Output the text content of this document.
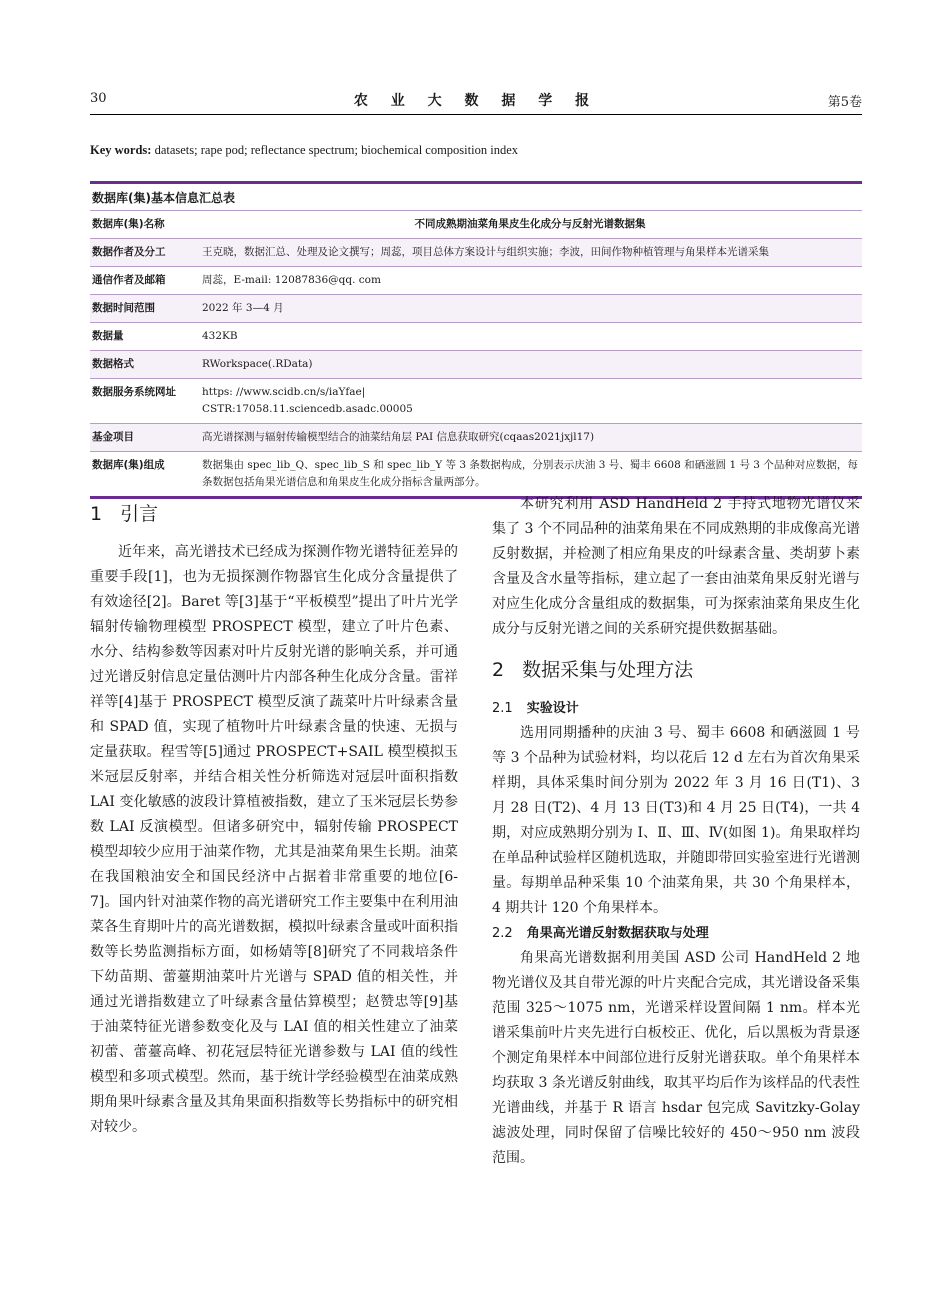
30	农 业 大 数 据 学 报	第5卷
Key words: datasets; rape pod; reflectance spectrum; biochemical composition index
数据库(集)基本信息汇总表
数据库(集)名称	不同成熟期油菜角果皮生化成分与反射光谱数据集
数据作者及分工	王克晓，数据汇总、处理及论文撰写；周蕊，项目总体方案设计与组织实施；李波，田间作物种植管理与角果样本光谱采集
通信作者及邮箱	周蕊，E-mail: 12087836@qq. com
数据时间范围	2022 年 3—4 月
数据量	432KB
数据格式	RWorkspace(.RData)
数据服务系统网址	https: //www.scidb.cn/s/iaYfae|
CSTR:17058.11.sciencedb.asadc.00005
基金项目	高光谱探测与辐射传输模型结合的油菜结角层 PAI 信息获取研究(cqaas2021jxjl17)
数据库(集)组成	数据集由 spec_lib_Q、spec_lib_S 和 spec_lib_Y 等 3 条数据构成，分别表示庆油 3 号、蜀丰 6608 和硒滋圆 1 号 3 个品种对应数据，每条数据包括角果光谱信息和角果皮生化成分指标含量两部分。
1 引言

近年来，高光谱技术已经成为探测作物光谱特征差异的重要手段[1]，也为无损探测作物器官生化成分含量提供了有效途径[2]。Baret 等[3]基于“平板模型”提出了叶片光学辐射传输物理模型 PROSPECT 模型，建立了叶片色素、水分、结构参数等因素对叶片反射光谱的影响关系，并可通过光谱反射信息定量估测叶片内部各种生化成分含量。雷祥祥等[4]基于 PROSPECT 模型反演了蔬菜叶片叶绿素含量和 SPAD 值，实现了植物叶片叶绿素含量的快速、无损与定量获取。程雪等[5]通过 PROSPECT+SAIL 模型模拟玉米冠层反射率，并结合相关性分析筛选对冠层叶面积指数 LAI 变化敏感的波段计算植被指数，建立了玉米冠层长势参数 LAI 反演模型。但诸多研究中，辐射传输 PROSPECT 模型却较少应用于油菜作物，尤其是油菜角果生长期。油菜在我国粮油安全和国民经济中占据着非常重要的地位[6-7]。国内针对油菜作物的高光谱研究工作主要集中在利用油菜各生育期叶片的高光谱数据，模拟叶绿素含量或叶面积指数等长势监测指标方面，如杨婧等[8]研究了不同栽培条件下幼苗期、蕾薹期油菜叶片光谱与 SPAD 值的相关性，并通过光谱指数建立了叶绿素含量估算模型；赵赞忠等[9]基于油菜特征光谱参数变化及与 LAI 值的相关性建立了油菜初蕾、蕾薹高峰、初花冠层特征光谱参数与 LAI 值的线性模型和多项式模型。然而，基于统计学经验模型在油菜成熟期角果叶绿素含量及其角果面积指数等长势指标中的研究相对较少。

本研究利用 ASD HandHeld 2 手持式地物光谱仪采集了 3 个不同品种的油菜角果在不同成熟期的非成像高光谱反射数据，并检测了相应角果皮的叶绿素含量、类胡萝卜素含量及含水量等指标，建立起了一套由油菜角果反射光谱与对应生化成分含量组成的数据集，可为探索油菜角果皮生化成分与反射光谱之间的关系研究提供数据基础。

2 数据采集与处理方法
2.1 实验设计

选用同期播种的庆油 3 号、蜀丰 6608 和硒滋圆 1 号等 3 个品种为试验材料，均以花后 12 d 左右为首次角果采样期，具体采集时间分别为 2022 年 3 月 16 日(T1)、3 月 28 日(T2)、4 月 13 日(T3)和 4 月 25 日(T4)，一共 4 期，对应成熟期分别为 Ⅰ、Ⅱ、Ⅲ、Ⅳ(如图 1)。角果取样均在单品种试验样区随机选取，并随即带回实验室进行光谱测量。每期单品种采集 10 个油菜角果，共 30 个角果样本，4 期共计 120 个角果样本。

2.2 角果高光谱反射数据获取与处理

角果高光谱数据利用美国 ASD 公司 HandHeld 2 地物光谱仪及其自带光源的叶片夹配合完成，其光谱设备采集范围 325～1075 nm，光谱采样设置间隔 1 nm。样本光谱采集前叶片夹先进行白板校正、优化，后以黑板为背景逐个测定角果样本中间部位进行反射光谱获取。单个角果样本均获取 3 条光谱反射曲线，取其平均后作为该样品的代表性光谱曲线，并基于 R 语言 hsdar 包完成 Savitzky-Golay 滤波处理，同时保留了信噪比较好的 450～950 nm 波段范围。
